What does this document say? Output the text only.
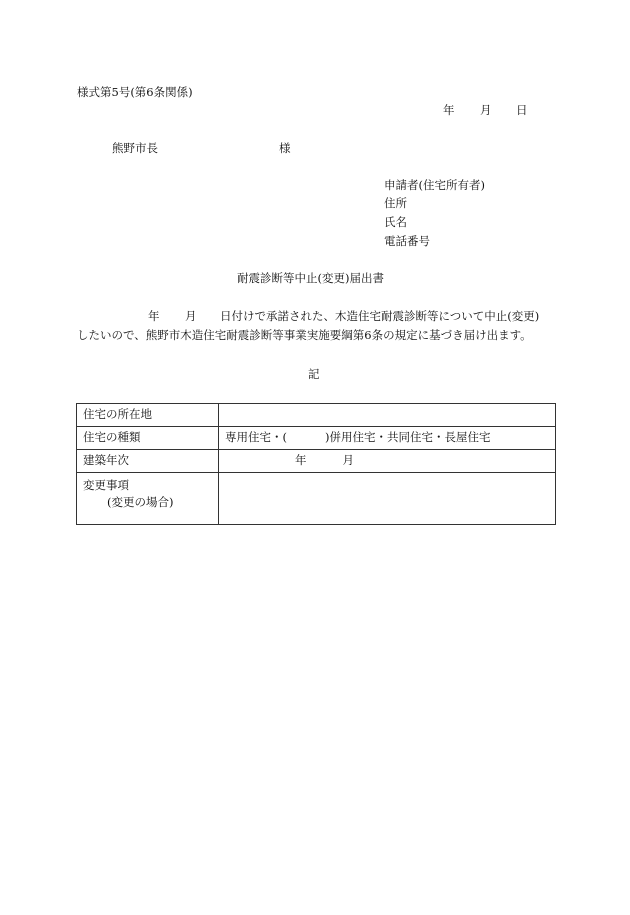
様式第5号(第6条関係)
年 月 日
熊野市長	様
申請者(住宅所有者)
住所
氏名
電話番号
耐震診断等中止(変更)届出書
年 月 日付けで承諾された、木造住宅耐震診断等について中止(変更)
したいので、熊野市木造住宅耐震診断等事業実施要綱第6条の規定に基づき届け出ます。
記
住宅の所在地	
住宅の種類	専用住宅・( )併用住宅・共同住宅・長屋住宅
建築年次	年 月

変更事項
(変更の場合)	
